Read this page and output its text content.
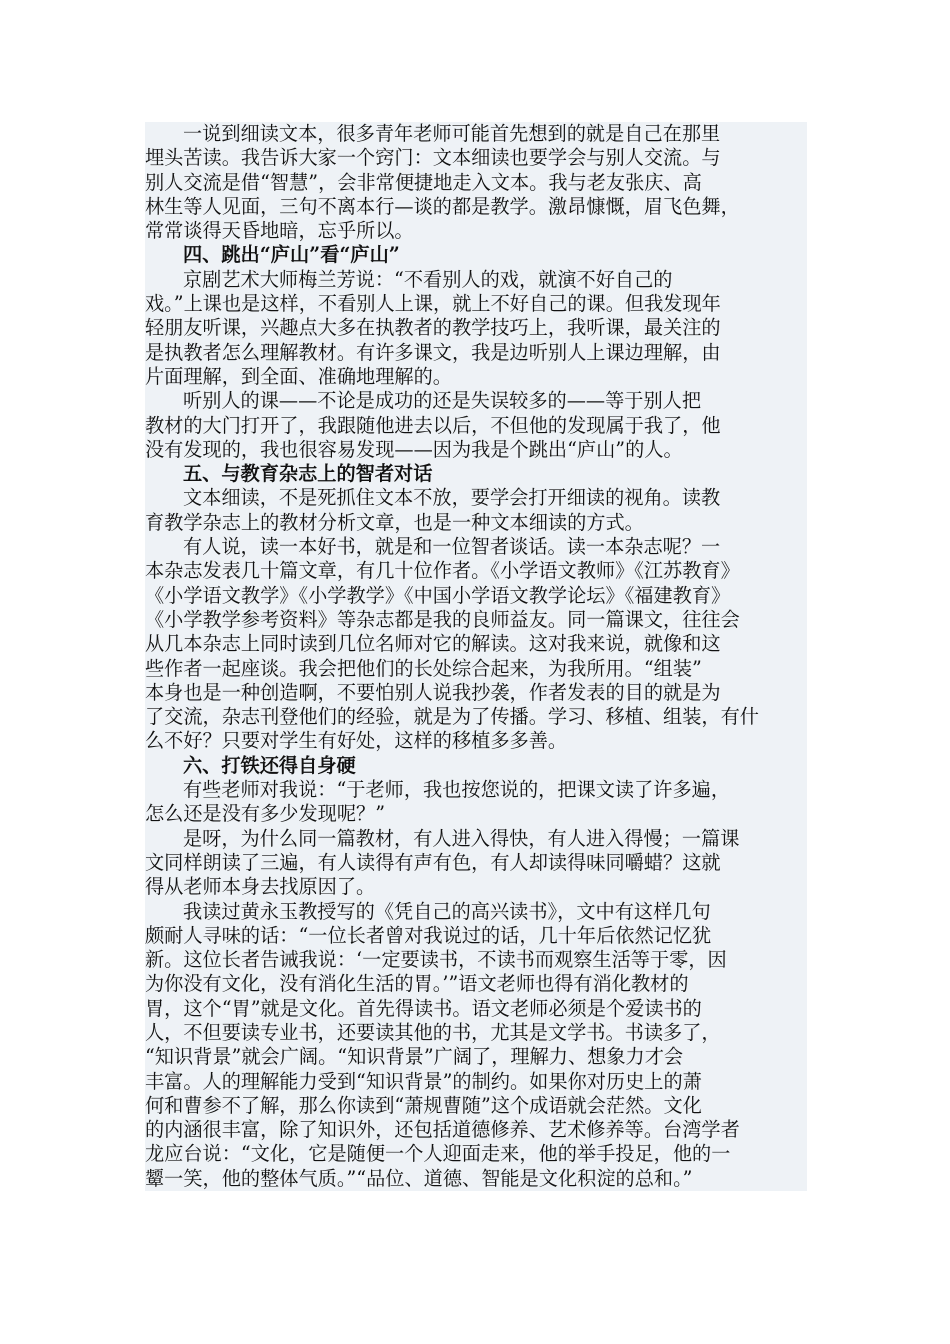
一说到细读文本，很多青年老师可能首先想到的就是自己在那里
埋头苦读。我告诉大家一个窍门：文本细读也要学会与别人交流。与
别人交流是借“智慧”，会非常便捷地走入文本。我与老友张庆、高
林生等人见面，三句不离本行—谈的都是教学。激昂慷慨，眉飞色舞，
常常谈得天昏地暗，忘乎所以。
四、跳出“庐山”看“庐山”
京剧艺术大师梅兰芳说：“不看别人的戏，就演不好自己的
戏。”上课也是这样，不看别人上课，就上不好自己的课。但我发现年
轻朋友听课，兴趣点大多在执教者的教学技巧上，我听课，最关注的
是执教者怎么理解教材。有许多课文，我是边听别人上课边理解，由
片面理解，到全面、准确地理解的。
听别人的课——不论是成功的还是失误较多的——等于别人把
教材的大门打开了，我跟随他进去以后，不但他的发现属于我了，他
没有发现的，我也很容易发现——因为我是个跳出“庐山”的人。
五、与教育杂志上的智者对话
文本细读，不是死抓住文本不放，要学会打开细读的视角。读教
育教学杂志上的教材分析文章，也是一种文本细读的方式。
有人说，读一本好书，就是和一位智者谈话。读一本杂志呢？一
本杂志发表几十篇文章，有几十位作者。《小学语文教师》《江苏教育》
《小学语文教学》《小学教学》《中国小学语文教学论坛》《福建教育》
《小学教学参考资料》等杂志都是我的良师益友。同一篇课文，往往会
从几本杂志上同时读到几位名师对它的解读。这对我来说，就像和这
些作者一起座谈。我会把他们的长处综合起来，为我所用。“组装”
本身也是一种创造啊，不要怕别人说我抄袭，作者发表的目的就是为
了交流，杂志刊登他们的经验，就是为了传播。学习、移植、组装，有什
么不好？只要对学生有好处，这样的移植多多善。
六、打铁还得自身硬
有些老师对我说：“于老师，我也按您说的，把课文读了许多遍，
怎么还是没有多少发现呢？”
是呀，为什么同一篇教材，有人进入得快，有人进入得慢；一篇课
文同样朗读了三遍，有人读得有声有色，有人却读得味同嚼蜡？这就
得从老师本身去找原因了。
我读过黄永玉教授写的《凭自己的高兴读书》，文中有这样几句
颇耐人寻味的话：“一位长者曾对我说过的话，几十年后依然记忆犹
新。这位长者告诫我说：‘一定要读书，不读书而观察生活等于零，因
为你没有文化，没有消化生活的胃。’”语文老师也得有消化教材的
胃，这个“胃”就是文化。首先得读书。语文老师必须是个爱读书的
人，不但要读专业书，还要读其他的书，尤其是文学书。书读多了，
“知识背景”就会广阔。“知识背景”广阔了，理解力、想象力才会
丰富。人的理解能力受到“知识背景”的制约。如果你对历史上的萧
何和曹参不了解，那么你读到“萧规曹随”这个成语就会茫然。文化
的内涵很丰富，除了知识外，还包括道德修养、艺术修养等。台湾学者
龙应台说：“文化，它是随便一个人迎面走来，他的举手投足，他的一
颦一笑，他的整体气质。”“品位、道德、智能是文化积淀的总和。”
